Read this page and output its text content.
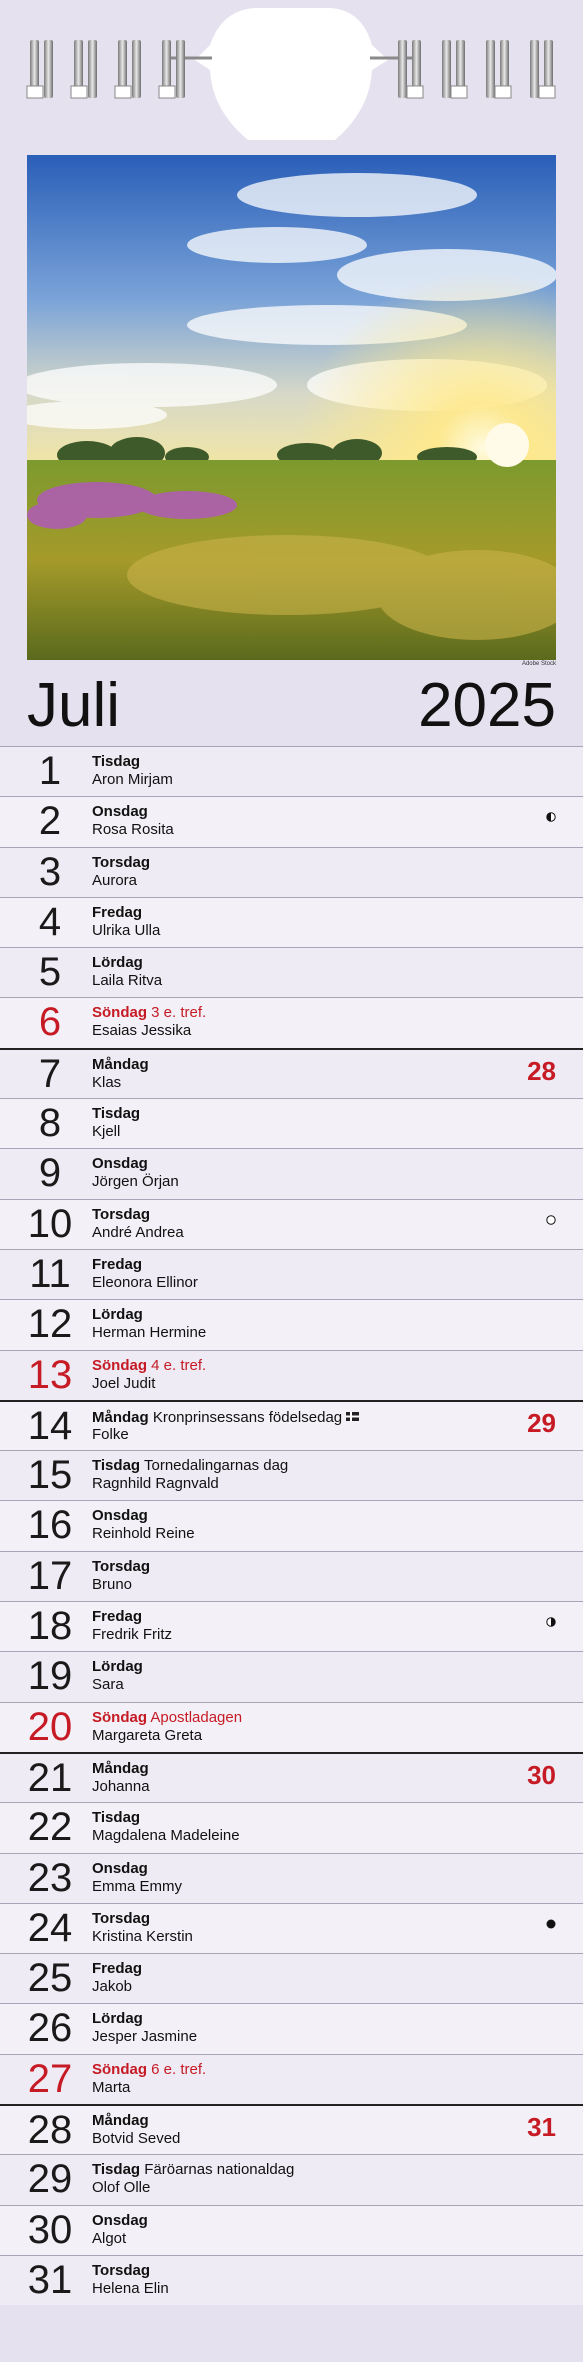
Adobe Stock
Juli	2025
1	Tisdag
Aron Mirjam
2	Onsdag
Rosa Rosita
3	Torsdag
Aurora
4	Fredag
Ulrika Ulla
5	Lördag
Laila Ritva
6	Söndag 3 e. tref.
Esaias Jessika
7	Måndag
Klas	28
8	Tisdag
Kjell
9	Onsdag
Jörgen Örjan
10 Torsdag
André Andrea
11	Fredag
Eleonora Ellinor
12 Lördag
Herman Hermine
13 Söndag 4 e. tref.
Joel Judit
14 Måndag Kronprinsessans födelsedag
Folke	29
15 Tisdag Tornedalingarnas dag
Ragnhild Ragnvald
16 Onsdag
Reinhold Reine
17 Torsdag
Bruno
18 Fredag
Fredrik Fritz
19 Lördag
Sara
20 Söndag Apostladagen
Margareta Greta
21 Måndag
Johanna	30
22 Tisdag
Magdalena Madeleine
23 Onsdag
Emma Emmy
24 Torsdag
Kristina Kerstin
25 Fredag
Jakob
26 Lördag
Jesper Jasmine
27 Söndag 6 e. tref.
Marta
28 Måndag
Botvid Seved	31
29 Tisdag Färöarnas nationaldag
Olof Olle
30 Onsdag
Algot
31 Torsdag
Helena Elin
